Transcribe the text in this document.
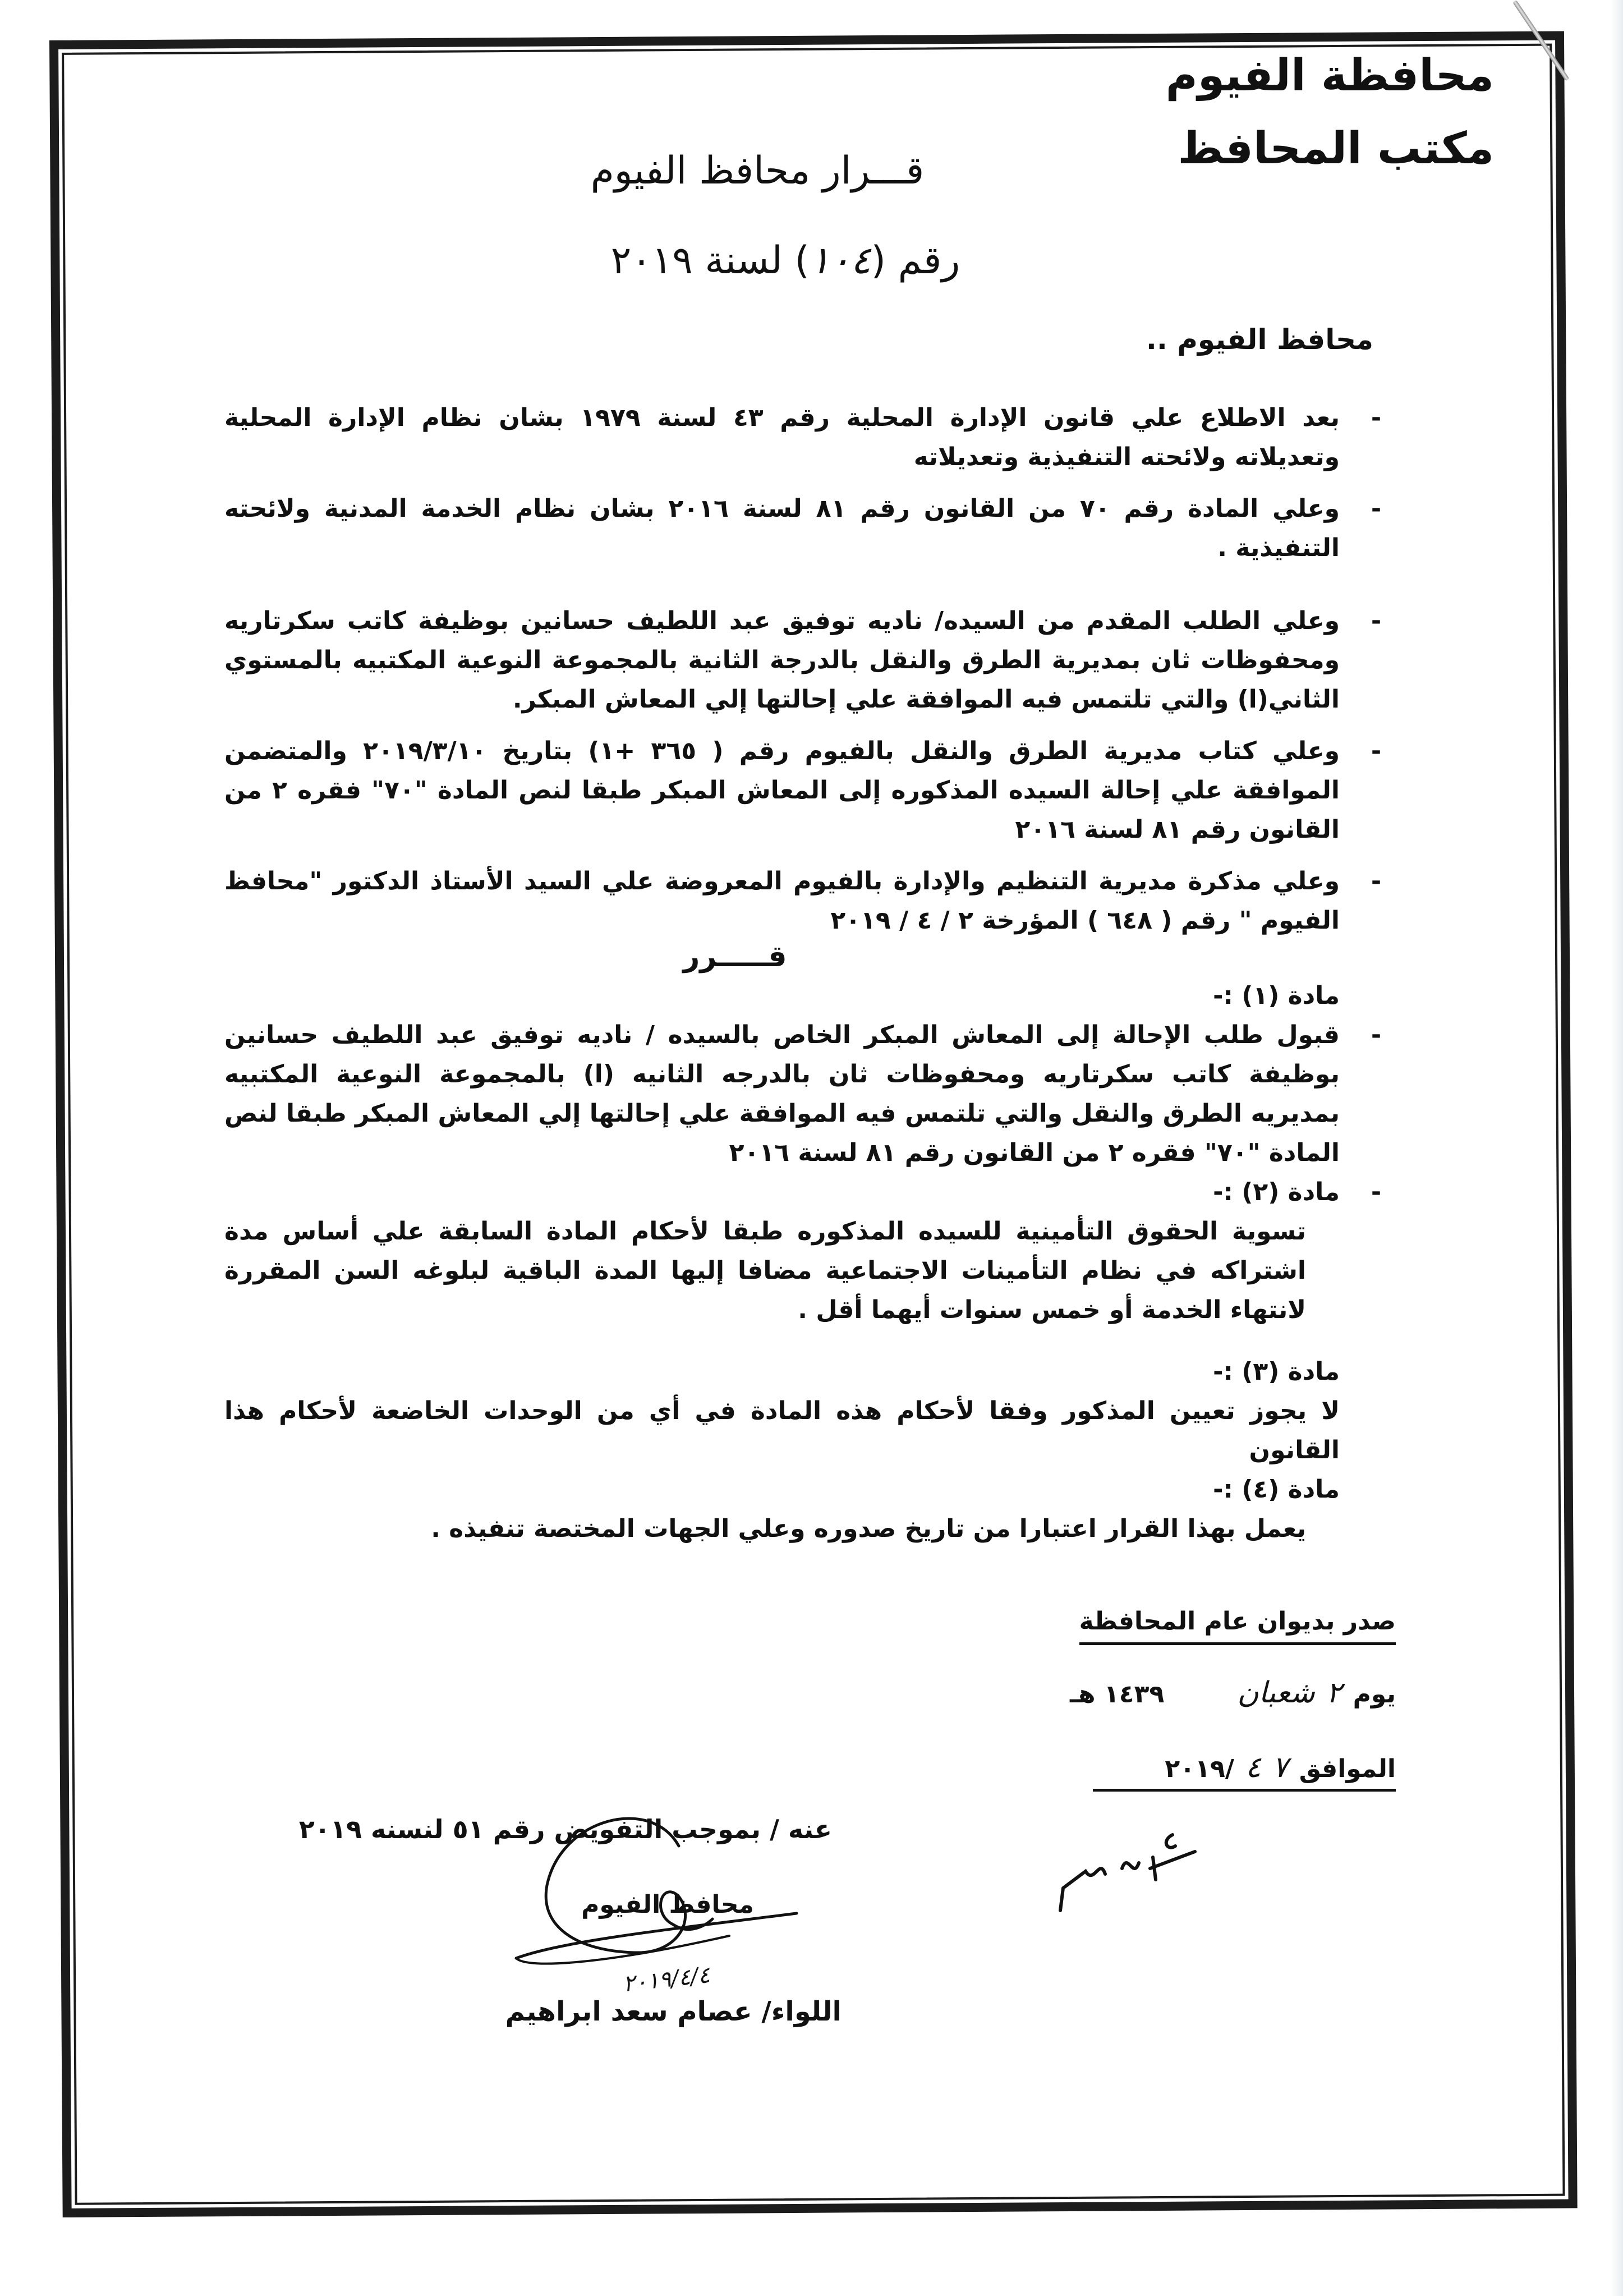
محافظة الفيوم
مكتب المحافظ
قـــرار محافظ الفيوم
رقم (١٠٤) لسنة ٢٠١٩
محافظ الفيوم ..
-
بعد الاطلاع علي قانون الإدارة المحلية رقم ٤٣ لسنة ١٩٧٩ بشان نظام الإدارة المحلية وتعديلاته ولائحته التنفيذية وتعديلاته
-
وعلي المادة رقم ٧٠ من القانون رقم ٨١ لسنة ٢٠١٦ بشان نظام الخدمة المدنية ولائحته التنفيذية .
-
وعلي الطلب المقدم من السيده/ ناديه توفيق عبد اللطيف حسانين بوظيفة كاتب سكرتاريه ومحفوظات ثان بمديرية الطرق والنقل بالدرجة الثانية بالمجموعة النوعية المكتبيه بالمستوي الثاني(ا) والتي تلتمس فيه الموافقة علي إحالتها إلي المعاش المبكر.
-
وعلي كتاب مديرية الطرق والنقل بالفيوم رقم ( ٣٦٥ +١) بتاريخ ٢٠١٩/٣/١٠ والمتضمن الموافقة علي إحالة السيده المذكوره إلى المعاش المبكر طبقا لنص المادة "٧٠" فقره ٢ من القانون رقم ٨١ لسنة ٢٠١٦
-
وعلي مذكرة مديرية التنظيم والإدارة بالفيوم المعروضة علي السيد الأستاذ الدكتور "محافظ الفيوم " رقم ( ٦٤٨ ) المؤرخة ٢ / ٤ / ٢٠١٩
قـــــرر

مادة (١) :-

-
قبول طلب الإحالة إلى المعاش المبكر الخاص بالسيده / ناديه توفيق عبد اللطيف حسانين بوظيفة كاتب سكرتاريه ومحفوظات ثان بالدرجه الثانيه (ا) بالمجموعة النوعية المكتبيه بمديريه الطرق والنقل والتي تلتمس فيه الموافقة علي إحالتها إلي المعاش المبكر طبقا لنص المادة "٧٠" فقره ٢ من القانون رقم ٨١ لسنة ٢٠١٦

-
مادة (٢) :-

تسوية الحقوق التأمينية للسيده المذكوره طبقا لأحكام المادة السابقة علي أساس مدة اشتراكه في نظام التأمينات الاجتماعية مضافا إليها المدة الباقية لبلوغه السن المقررة لانتهاء الخدمة أو خمس سنوات أيهما أقل .

مادة (٣) :-

لا يجوز تعيين المذكور وفقا لأحكام هذه المادة في أي من الوحدات الخاضعة لأحكام هذا القانون

مادة (٤) :-

يعمل بهذا القرار اعتبارا من تاريخ صدوره وعلي الجهات المختصة تنفيذه .

صدر بديوان عام المحافظة
يوم
٢
شعبان
١٤٣٩ هـ
الموافق
٧
٤
/٢٠١٩
عنه / بموجب التفويض رقم ٥١ لنسنه ٢٠١٩
محافظ الفيوم
٢٠١٩/٤/٤
اللواء/ عصام سعد ابراهيم
